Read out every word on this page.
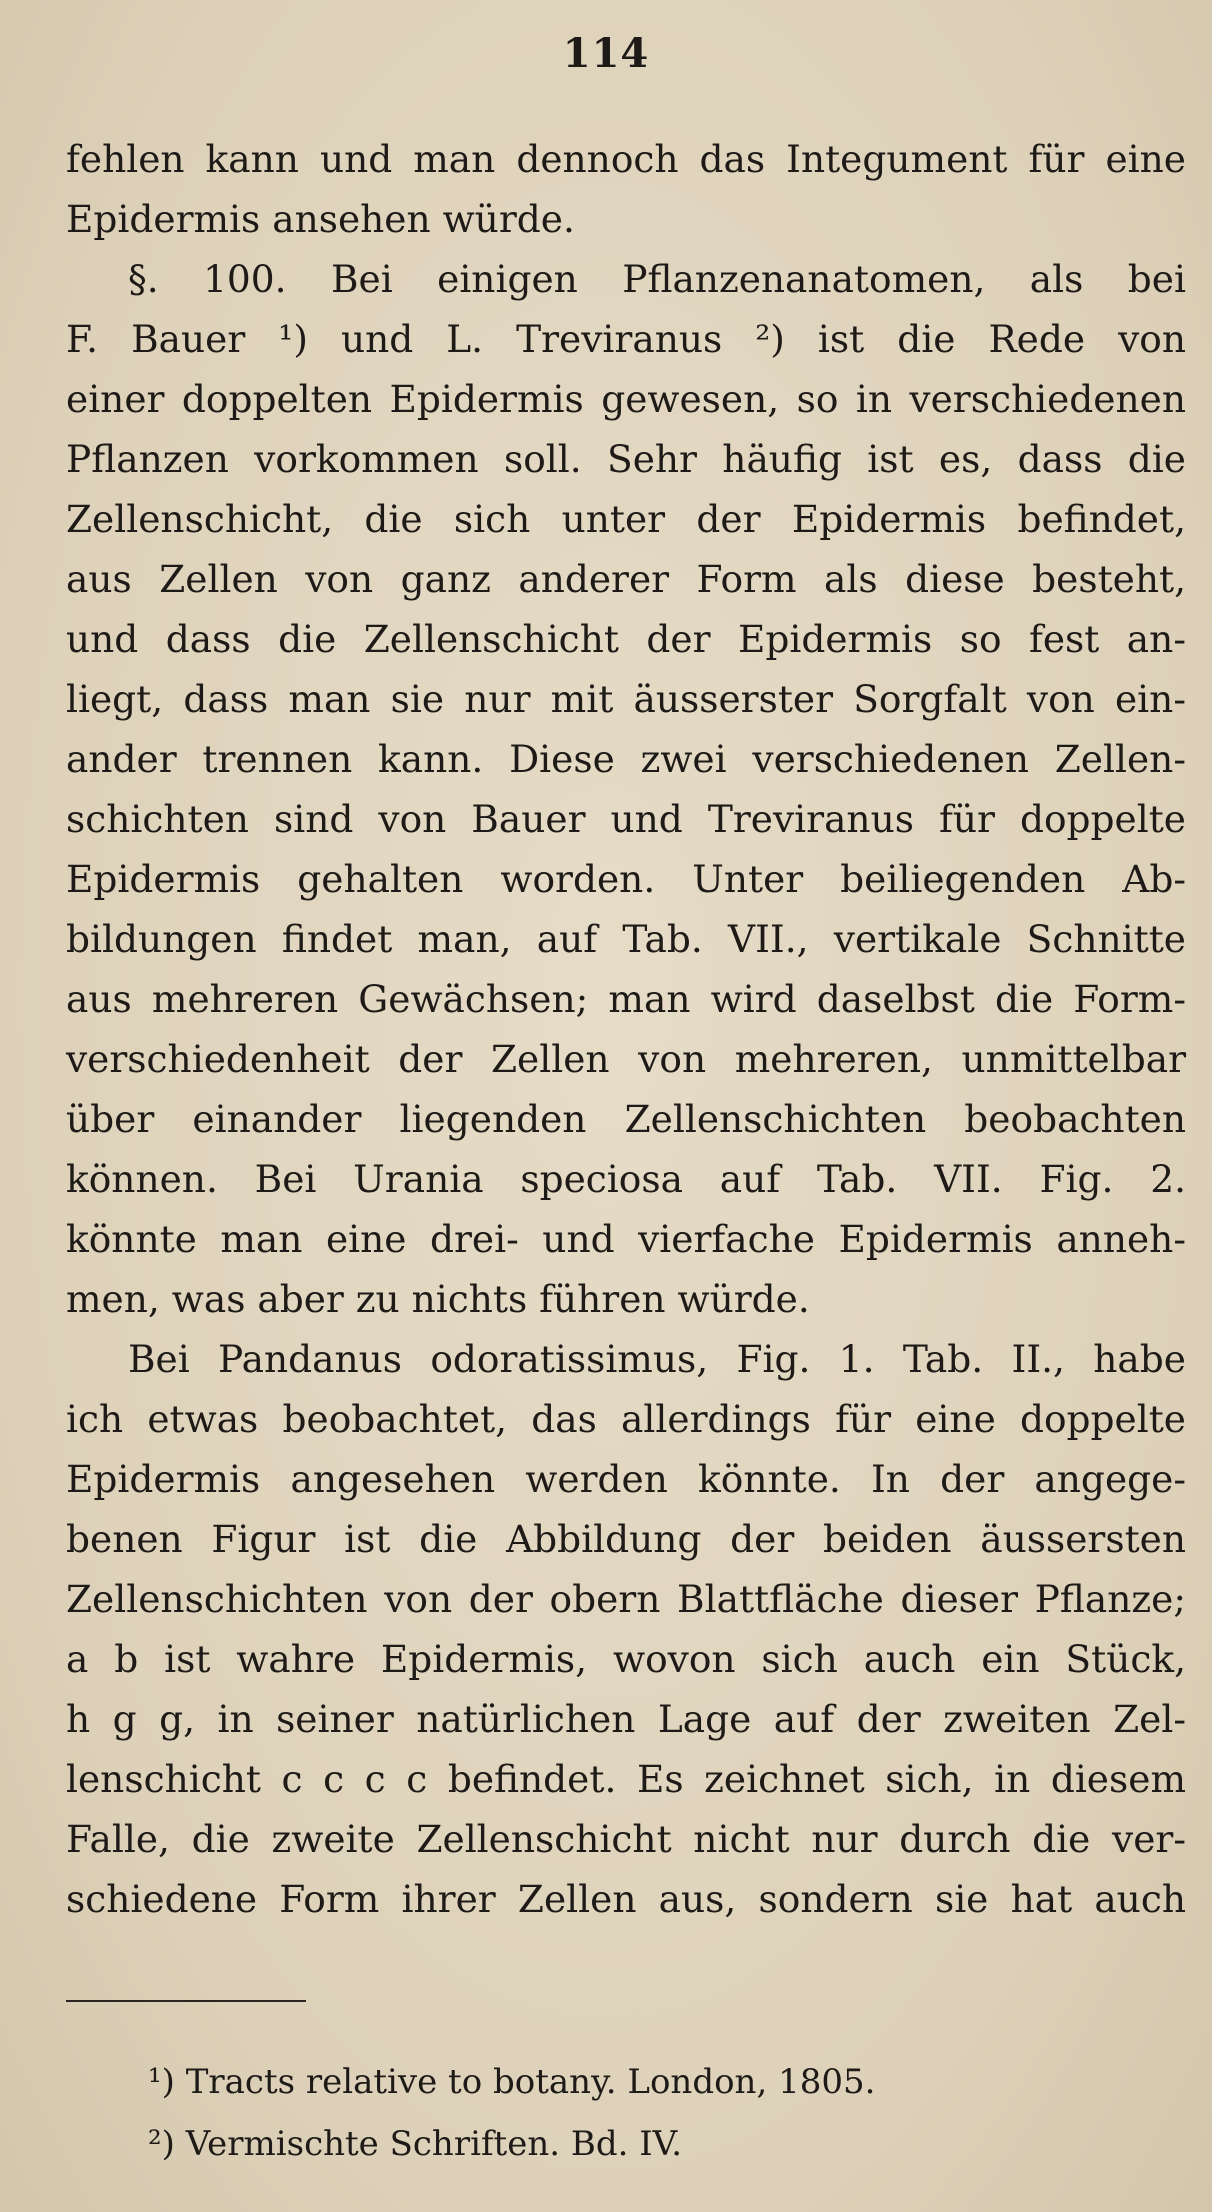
114
fehlen kann und man dennoch das Integument für eine
Epidermis ansehen würde.
§. 100. Bei einigen Pflanzenanatomen, als bei
F. Bauer ¹) und L. Treviranus ²) ist die Rede von
einer doppelten Epidermis gewesen, so in verschiedenen
Pflanzen vorkommen soll. Sehr häufig ist es, dass die
Zellenschicht, die sich unter der Epidermis befindet,
aus Zellen von ganz anderer Form als diese besteht,
und dass die Zellenschicht der Epidermis so fest an-
liegt, dass man sie nur mit äusserster Sorgfalt von ein-
ander trennen kann. Diese zwei verschiedenen Zellen-
schichten sind von Bauer und Treviranus für doppelte
Epidermis gehalten worden. Unter beiliegenden Ab-
bildungen findet man, auf Tab. VII., vertikale Schnitte
aus mehreren Gewächsen; man wird daselbst die Form-
verschiedenheit der Zellen von mehreren, unmittelbar
über einander liegenden Zellenschichten beobachten
können. Bei Urania speciosa auf Tab. VII. Fig. 2.
könnte man eine drei- und vierfache Epidermis anneh-
men, was aber zu nichts führen würde.
Bei Pandanus odoratissimus, Fig. 1. Tab. II., habe
ich etwas beobachtet, das allerdings für eine doppelte
Epidermis angesehen werden könnte. In der angege-
benen Figur ist die Abbildung der beiden äussersten
Zellenschichten von der obern Blattfläche dieser Pflanze;
a b ist wahre Epidermis, wovon sich auch ein Stück,
h g g, in seiner natürlichen Lage auf der zweiten Zel-
lenschicht c c c c befindet. Es zeichnet sich, in diesem
Falle, die zweite Zellenschicht nicht nur durch die ver-
schiedene Form ihrer Zellen aus, sondern sie hat auch
¹) Tracts relative to botany. London, 1805.
²) Vermischte Schriften. Bd. IV.
